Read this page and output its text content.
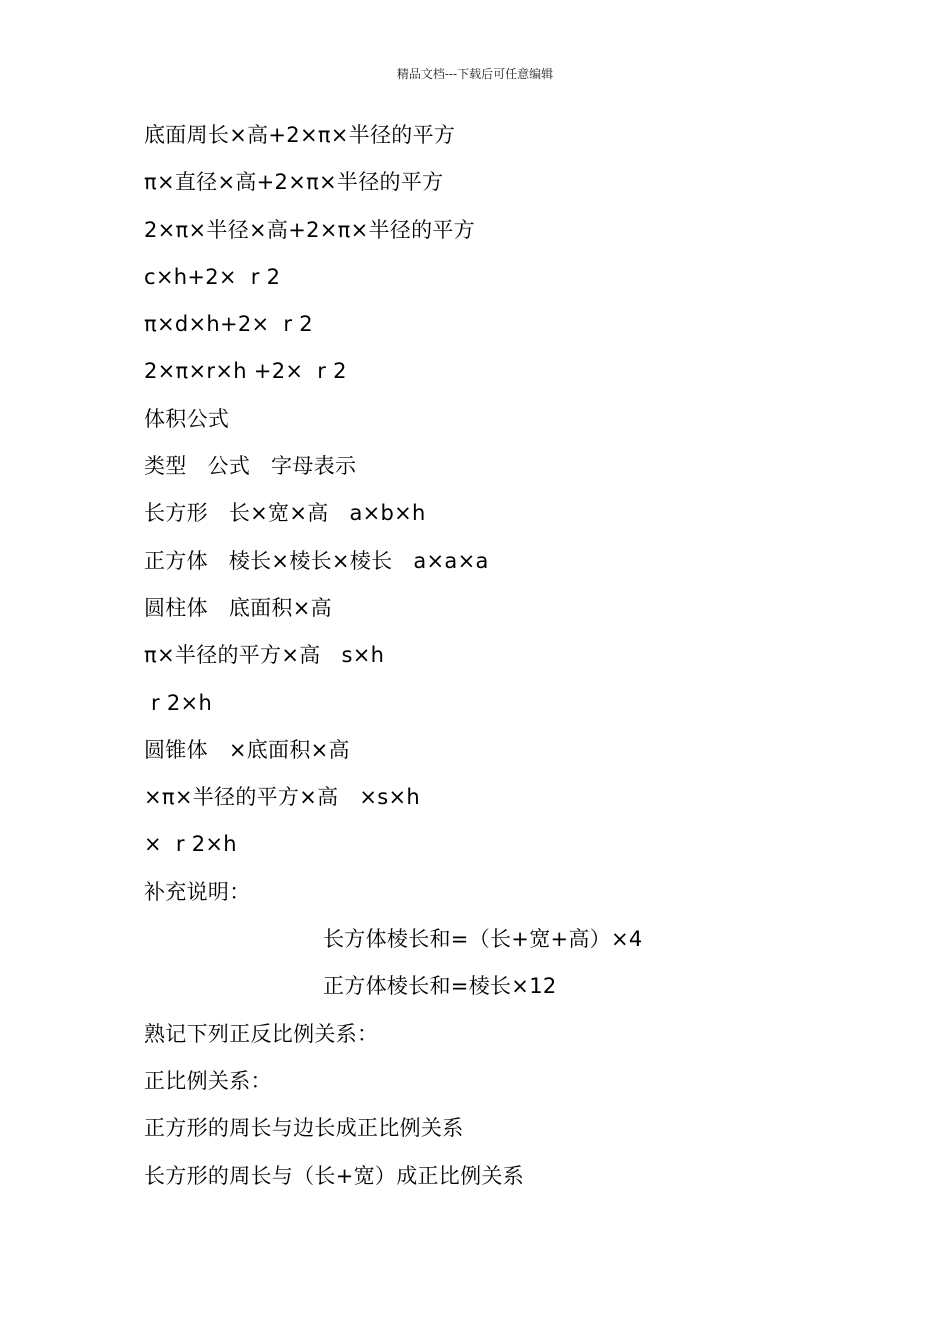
精品文档---下载后可任意编辑
底面周长×高+2×π×半径的平方
π×直径×高+2×π×半径的平方
2×π×半径×高+2×π×半径的平方
c×h+2×  r 2
π×d×h+2×  r 2
2×π×r×h +2×  r 2
体积公式
类型   公式   字母表示
长方形   长×宽×高   a×b×h
正方体   棱长×棱长×棱长   a×a×a
圆柱体   底面积×高
π×半径的平方×高   s×h
r 2×h
圆锥体   ×底面积×高
×π×半径的平方×高   ×s×h
×  r 2×h
补充说明：
长方体棱长和=（长+宽+高）×4
正方体棱长和=棱长×12
熟记下列正反比例关系：
正比例关系：
正方形的周长与边长成正比例关系
长方形的周长与（长+宽）成正比例关系
